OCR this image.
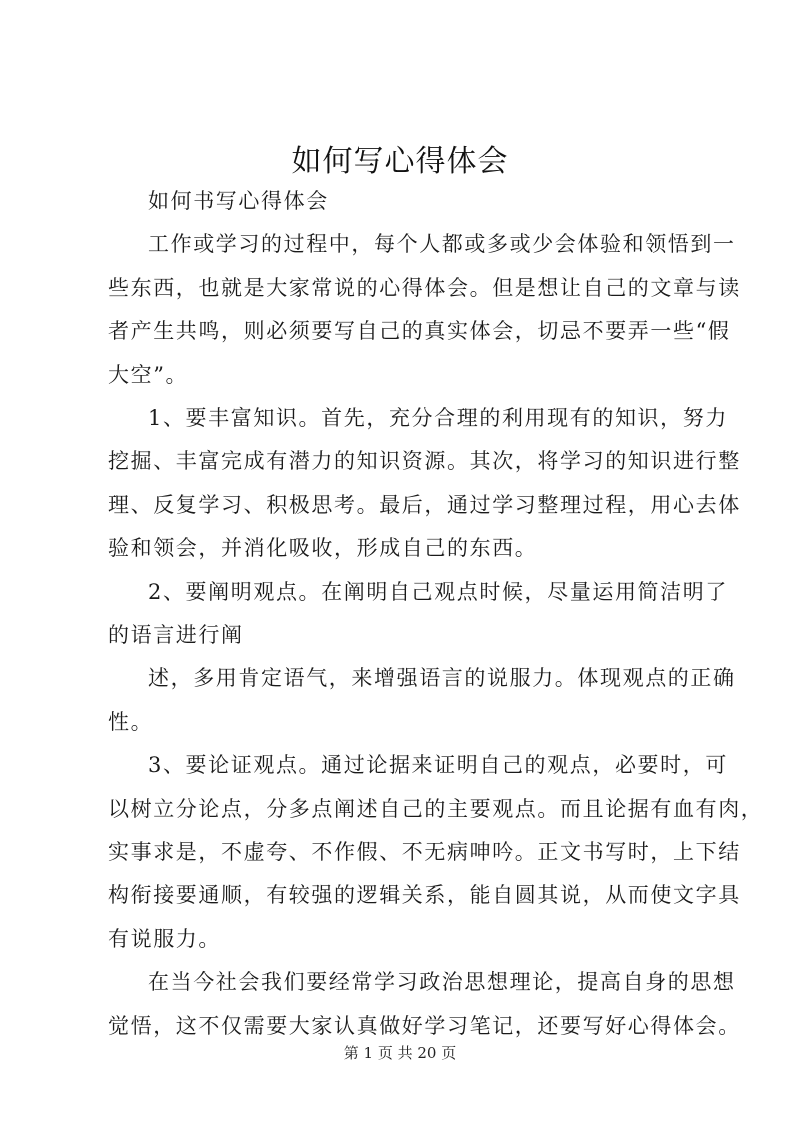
如何写心得体会
如何书写心得体会
工作或学习的过程中，每个人都或多或少会体验和领悟到一
些东西，也就是大家常说的心得体会。但是想让自己的文章与读
者产生共鸣，则必须要写自己的真实体会，切忌不要弄一些“假
大空”。
1、要丰富知识。首先，充分合理的利用现有的知识，努力
挖掘、丰富完成有潜力的知识资源。其次，将学习的知识进行整
理、反复学习、积极思考。最后，通过学习整理过程，用心去体
验和领会，并消化吸收，形成自己的东西。
2、要阐明观点。在阐明自己观点时候，尽量运用简洁明了
的语言进行阐
述，多用肯定语气，来增强语言的说服力。体现观点的正确
性。
3、要论证观点。通过论据来证明自己的观点，必要时，可
以树立分论点，分多点阐述自己的主要观点。而且论据有血有肉，
实事求是，不虚夸、不作假、不无病呻吟。正文书写时，上下结
构衔接要通顺，有较强的逻辑关系，能自圆其说，从而使文字具
有说服力。
在当今社会我们要经常学习政治思想理论，提高自身的思想
觉悟，这不仅需要大家认真做好学习笔记，还要写好心得体会。
第 1 页 共 20 页
